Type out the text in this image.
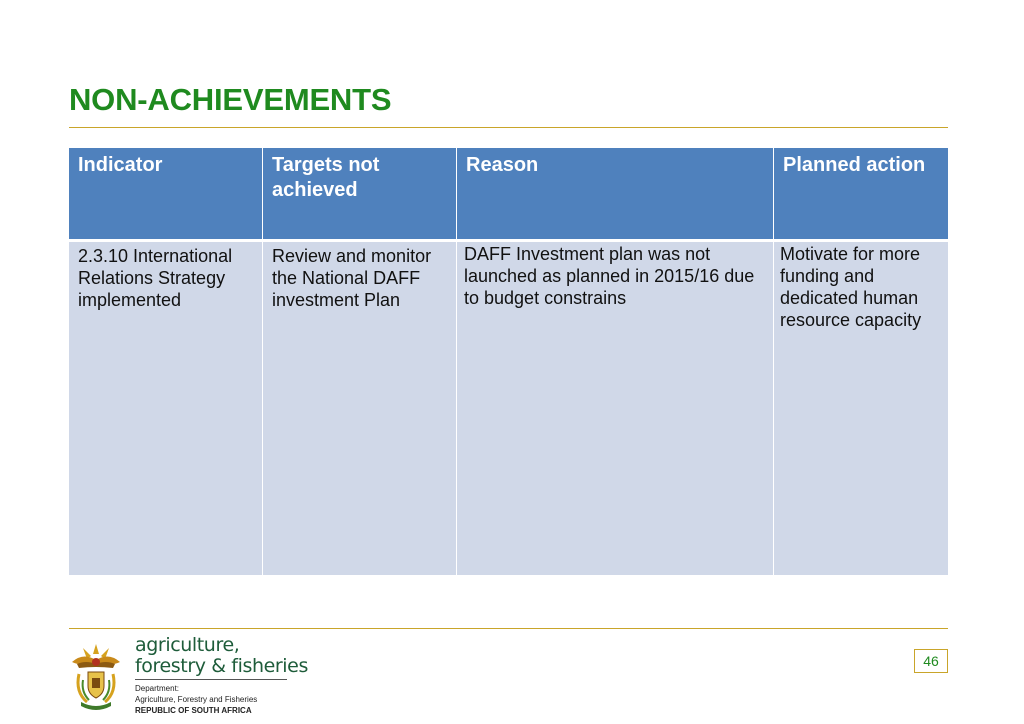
NON-ACHIEVEMENTS
Indicator	Targets not achieved	Reason	Planned action
2.3.10 International Relations Strategy implemented	Review and monitor the National DAFF investment Plan	DAFF Investment plan was not launched as planned in 2015/16 due to budget constrains	Motivate for more funding and dedicated human resource capacity
agriculture,
forestry & fisheries
Department:
Agriculture, Forestry and Fisheries
REPUBLIC OF SOUTH AFRICA
46
